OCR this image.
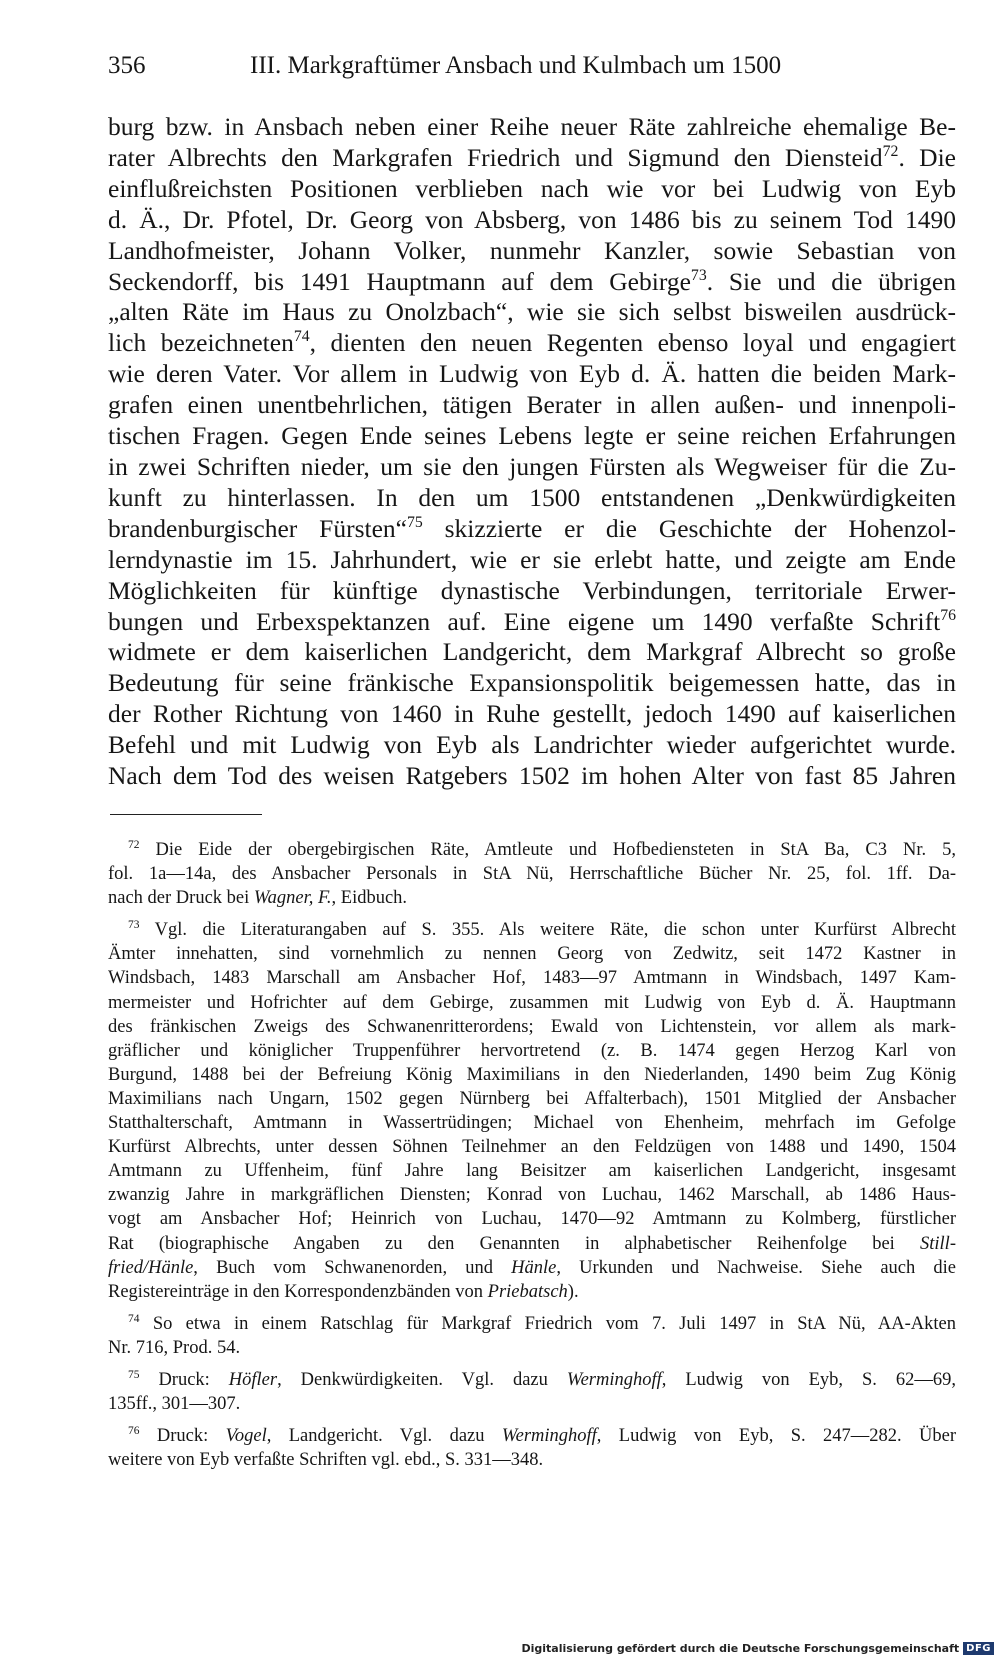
356	III. Markgraftümer Ansbach und Kulmbach um 1500
burg bzw. in Ansbach neben einer Reihe neuer Räte zahlreiche ehemalige Be-
rater Albrechts den Markgrafen Friedrich und Sigmund den Diensteid$^{72}$. Die
einflußreichsten Positionen verblieben nach wie vor bei Ludwig von Eyb
d. Ä., Dr. Pfotel, Dr. Georg von Absberg, von 1486 bis zu seinem Tod 1490
Landhofmeister, Johann Volker, nunmehr Kanzler, sowie Sebastian von
Seckendorff, bis 1491 Hauptmann auf dem Gebirge$^{73}$. Sie und die übrigen
„alten Räte im Haus zu Onolzbach“, wie sie sich selbst bisweilen ausdrück-
lich bezeichneten$^{74}$, dienten den neuen Regenten ebenso loyal und engagiert
wie deren Vater. Vor allem in Ludwig von Eyb d. Ä. hatten die beiden Mark-
grafen einen unentbehrlichen, tätigen Berater in allen außen- und innenpoli-
tischen Fragen. Gegen Ende seines Lebens legte er seine reichen Erfahrungen
in zwei Schriften nieder, um sie den jungen Fürsten als Wegweiser für die Zu-
kunft zu hinterlassen. In den um 1500 entstandenen „Denkwürdigkeiten
brandenburgischer Fürsten“$^{75}$ skizzierte er die Geschichte der Hohenzol-
lerndynastie im 15. Jahrhundert, wie er sie erlebt hatte, und zeigte am Ende
Möglichkeiten für künftige dynastische Verbindungen, territoriale Erwer-
bungen und Erbexspektanzen auf. Eine eigene um 1490 verfaßte Schrift$^{76}$
widmete er dem kaiserlichen Landgericht, dem Markgraf Albrecht so große
Bedeutung für seine fränkische Expansionspolitik beigemessen hatte, das in
der Rother Richtung von 1460 in Ruhe gestellt, jedoch 1490 auf kaiserlichen
Befehl und mit Ludwig von Eyb als Landrichter wieder aufgerichtet wurde.
Nach dem Tod des weisen Ratgebers 1502 im hohen Alter von fast 85 Jahren
$^{72}$ Die Eide der obergebirgischen Räte, Amtleute und Hofbediensteten in StA Ba, C3 Nr. 5,
fol. 1a—14a, des Ansbacher Personals in StA Nü, Herrschaftliche Bücher Nr. 25, fol. 1ff. Da-
nach der Druck bei Wagner, F., Eidbuch.
$^{73}$ Vgl. die Literaturangaben auf S. 355. Als weitere Räte, die schon unter Kurfürst Albrecht
Ämter innehatten, sind vornehmlich zu nennen Georg von Zedwitz, seit 1472 Kastner in
Windsbach, 1483 Marschall am Ansbacher Hof, 1483—97 Amtmann in Windsbach, 1497 Kam-
mermeister und Hofrichter auf dem Gebirge, zusammen mit Ludwig von Eyb d. Ä. Hauptmann
des fränkischen Zweigs des Schwanenritterordens; Ewald von Lichtenstein, vor allem als mark-
gräflicher und königlicher Truppenführer hervortretend (z. B. 1474 gegen Herzog Karl von
Burgund, 1488 bei der Befreiung König Maximilians in den Niederlanden, 1490 beim Zug König
Maximilians nach Ungarn, 1502 gegen Nürnberg bei Affalterbach), 1501 Mitglied der Ansbacher
Statthalterschaft, Amtmann in Wassertrüdingen; Michael von Ehenheim, mehrfach im Gefolge
Kurfürst Albrechts, unter dessen Söhnen Teilnehmer an den Feldzügen von 1488 und 1490, 1504
Amtmann zu Uffenheim, fünf Jahre lang Beisitzer am kaiserlichen Landgericht, insgesamt
zwanzig Jahre in markgräflichen Diensten; Konrad von Luchau, 1462 Marschall, ab 1486 Haus-
vogt am Ansbacher Hof; Heinrich von Luchau, 1470—92 Amtmann zu Kolmberg, fürstlicher
Rat (biographische Angaben zu den Genannten in alphabetischer Reihenfolge bei Still-
fried/Hänle, Buch vom Schwanenorden, und Hänle, Urkunden und Nachweise. Siehe auch die
Registereinträge in den Korrespondenzbänden von Priebatsch).
$^{74}$ So etwa in einem Ratschlag für Markgraf Friedrich vom 7. Juli 1497 in StA Nü, AA-Akten
Nr. 716, Prod. 54.
$^{75}$ Druck: Höfler, Denkwürdigkeiten. Vgl. dazu Werminghoff, Ludwig von Eyb, S. 62—69,
135ff., 301—307.
$^{76}$ Druck: Vogel, Landgericht. Vgl. dazu Werminghoff, Ludwig von Eyb, S. 247—282. Über
weitere von Eyb verfaßte Schriften vgl. ebd., S. 331—348.
Digitalisierung gefördert durch die Deutsche Forschungsgemeinschaft DFG
